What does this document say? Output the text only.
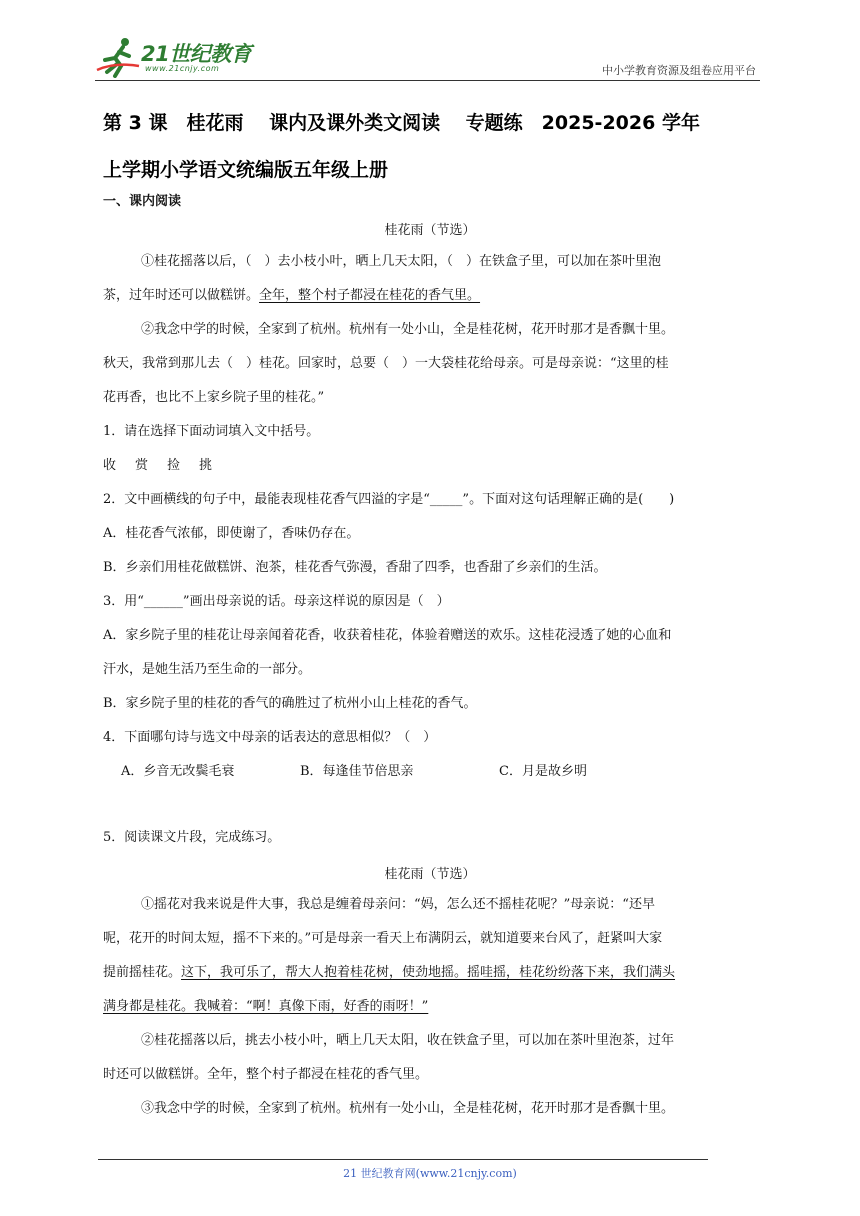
21世纪教育
www.21cnjy.com	中小学教育资源及组卷应用平台
第 3 课　桂花雨　 课内及课外类文阅读　 专题练　2025-2026 学年
上学期小学语文统编版五年级上册
一、课内阅读
桂花雨（节选）
①桂花摇落以后，（　）去小枝小叶，晒上几天太阳，（　）在铁盒子里，可以加在茶叶里泡
茶，过年时还可以做糕饼。全年，整个村子都浸在桂花的香气里。
②我念中学的时候，全家到了杭州。杭州有一处小山，全是桂花树，花开时那才是香飘十里。
秋天，我常到那儿去（　）桂花。回家时，总要（　）一大袋桂花给母亲。可是母亲说：“这里的桂
花再香，也比不上家乡院子里的桂花。”
1．请在选择下面动词填入文中括号。
收　赏　捡　挑
2．文中画横线的句子中，最能表现桂花香气四溢的字是“_____”。下面对这句话理解正确的是(　　)
A．桂花香气浓郁，即使谢了，香味仍存在。
B．乡亲们用桂花做糕饼、泡茶，桂花香气弥漫，香甜了四季，也香甜了乡亲们的生活。
3．用“______”画出母亲说的话。母亲这样说的原因是（　）
A．家乡院子里的桂花让母亲闻着花香，收获着桂花，体验着赠送的欢乐。这桂花浸透了她的心血和
汗水，是她生活乃至生命的一部分。
B．家乡院子里的桂花的香气的确胜过了杭州小山上桂花的香气。
4．下面哪句诗与选文中母亲的话表达的意思相似？（　）
A．乡音无改鬓毛衰	B．每逢佳节倍思亲	C．月是故乡明
5．阅读课文片段，完成练习。
桂花雨（节选）
①摇花对我来说是件大事，我总是缠着母亲问：“妈，怎么还不摇桂花呢？”母亲说：“还早
呢，花开的时间太短，摇不下来的。”可是母亲一看天上布满阴云，就知道要来台风了，赶紧叫大家
提前摇桂花。这下，我可乐了，帮大人抱着桂花树，使劲地摇。摇哇摇，桂花纷纷落下来，我们满头
满身都是桂花。我喊着：“啊！真像下雨，好香的雨呀！”
②桂花摇落以后，挑去小枝小叶，晒上几天太阳，收在铁盒子里，可以加在茶叶里泡茶，过年
时还可以做糕饼。全年，整个村子都浸在桂花的香气里。
③我念中学的时候，全家到了杭州。杭州有一处小山，全是桂花树，花开时那才是香飘十里。
21 世纪教育网(www.21cnjy.com)
